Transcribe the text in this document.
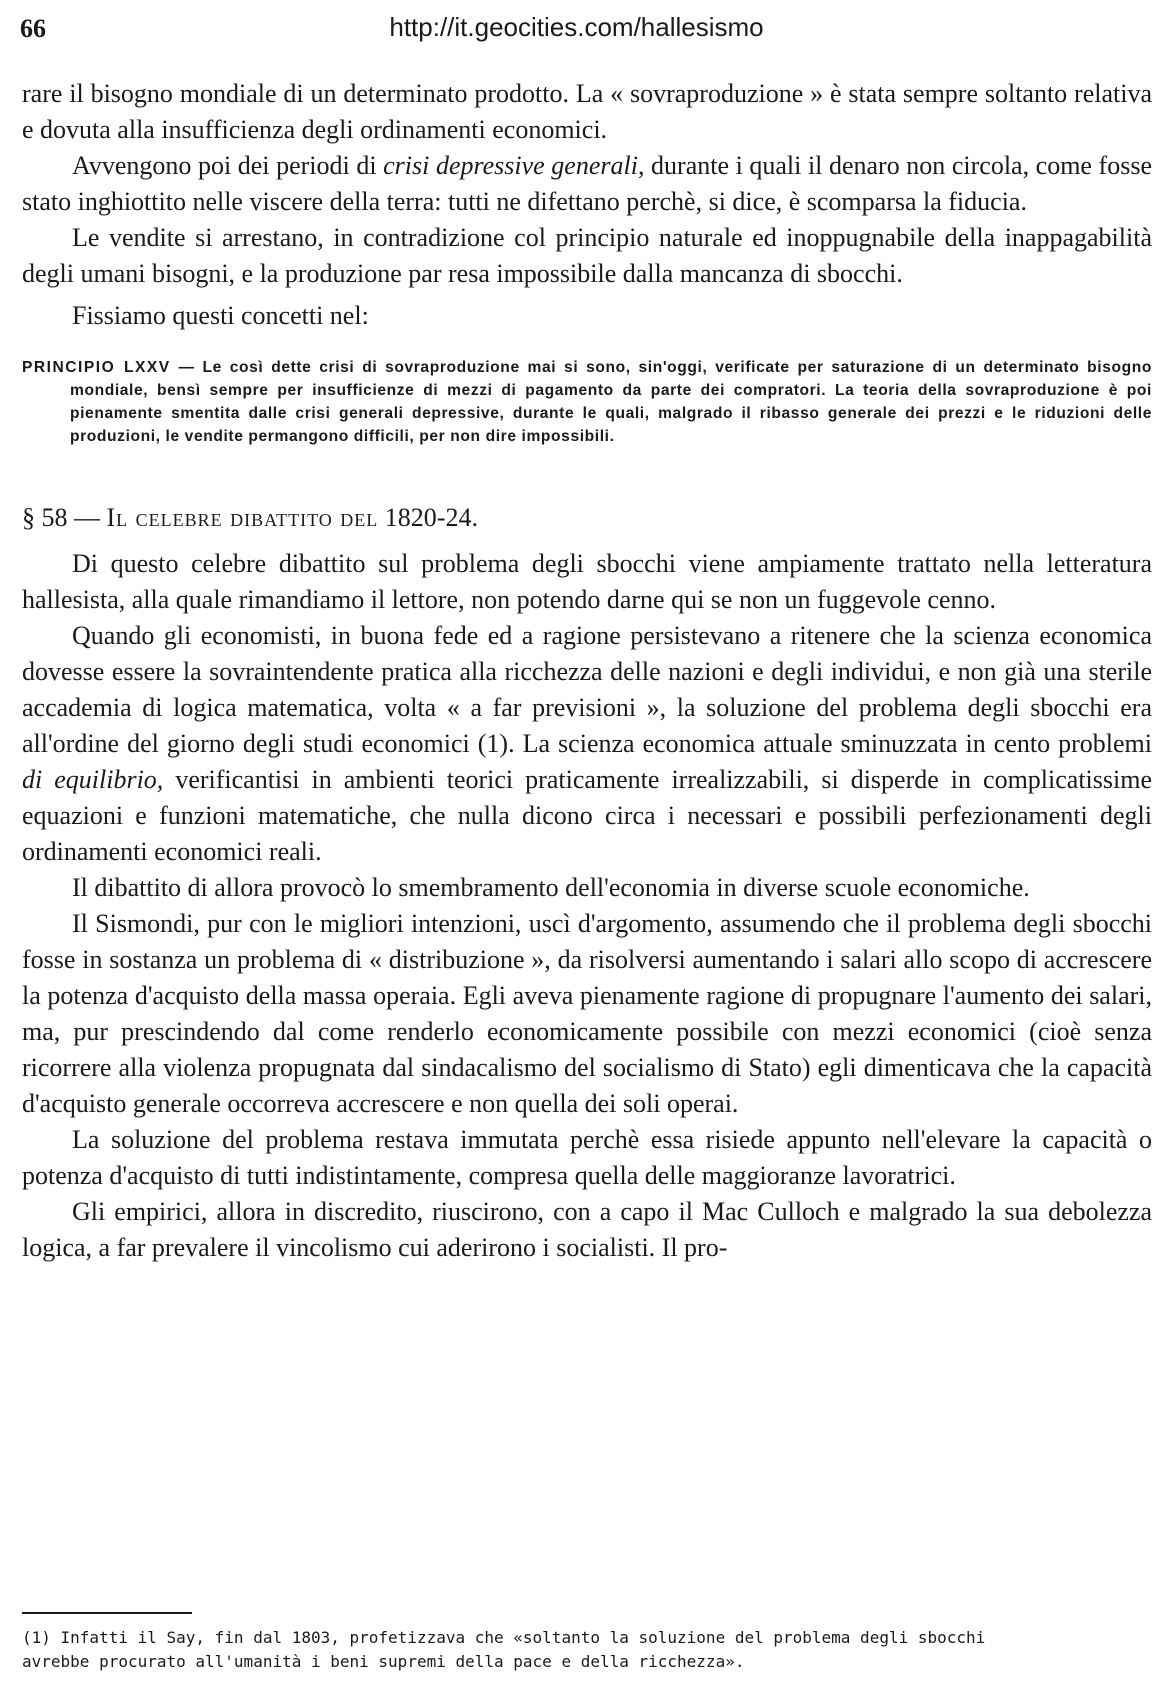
66	http://it.geocities.com/hallesismo

rare il bisogno mondiale di un determinato prodotto. La « sovraproduzione » è stata sempre soltanto relativa e dovuta alla insufficienza degli ordinamenti economici.

Avvengono poi dei periodi di crisi depressive generali, durante i quali il denaro non circola, come fosse stato inghiottito nelle viscere della terra: tutti ne difettano perchè, si dice, è scomparsa la fiducia.

Le vendite si arrestano, in contradizione col principio naturale ed inoppugnabile della inappagabilità degli umani bisogni, e la produzione par resa impossibile dalla mancanza di sbocchi.

Fissiamo questi concetti nel:

PRINCIPIO LXXV — Le così dette crisi di sovraproduzione mai si sono, sin'oggi, verificate per saturazione di un determinato bisogno mondiale, bensì sempre per insufficienze di mezzi di pagamento da parte dei compratori. La teoria della sovraproduzione è poi pienamente smentita dalle crisi generali depressive, durante le quali, malgrado il ribasso generale dei prezzi e le riduzioni delle produzioni, le vendite permangono difficili, per non dire impossibili.
§ 58 — Il celebre dibattito del 1820-24.

Di questo celebre dibattito sul problema degli sbocchi viene ampiamente trattato nella letteratura hallesista, alla quale rimandiamo il lettore, non potendo darne qui se non un fuggevole cenno.

Quando gli economisti, in buona fede ed a ragione persistevano a ritenere che la scienza economica dovesse essere la sovraintendente pratica alla ricchezza delle nazioni e degli individui, e non già una sterile accademia di logica matematica, volta « a far previsioni », la soluzione del problema degli sbocchi era all'ordine del giorno degli studi economici (1). La scienza economica attuale sminuzzata in cento problemi di equilibrio, verificantisi in ambienti teorici praticamente irrealizzabili, si disperde in complicatissime equazioni e funzioni matematiche, che nulla dicono circa i necessari e possibili perfezionamenti degli ordinamenti economici reali.

Il dibattito di allora provocò lo smembramento dell'economia in diverse scuole economiche.

Il Sismondi, pur con le migliori intenzioni, uscì d'argomento, assumendo che il problema degli sbocchi fosse in sostanza un problema di « distribuzione », da risolversi aumentando i salari allo scopo di accrescere la potenza d'acquisto della massa operaia. Egli aveva pienamente ragione di propugnare l'aumento dei salari, ma, pur prescindendo dal come renderlo economicamente possibile con mezzi economici (cioè senza ricorrere alla violenza propugnata dal sindacalismo del socialismo di Stato) egli dimenticava che la capacità d'acquisto generale occorreva accrescere e non quella dei soli operai.

La soluzione del problema restava immutata perchè essa risiede appunto nell'elevare la capacità o potenza d'acquisto di tutti indistintamente, compresa quella delle maggioranze lavoratrici.

Gli empirici, allora in discredito, riuscirono, con a capo il Mac Culloch e malgrado la sua debolezza logica, a far prevalere il vincolismo cui aderirono i socialisti. Il pro-

(1) Infatti il Say, fin dal 1803, profetizzava che «soltanto la soluzione del problema degli sbocchi
avrebbe procurato all'umanità i beni supremi della pace e della ricchezza».
